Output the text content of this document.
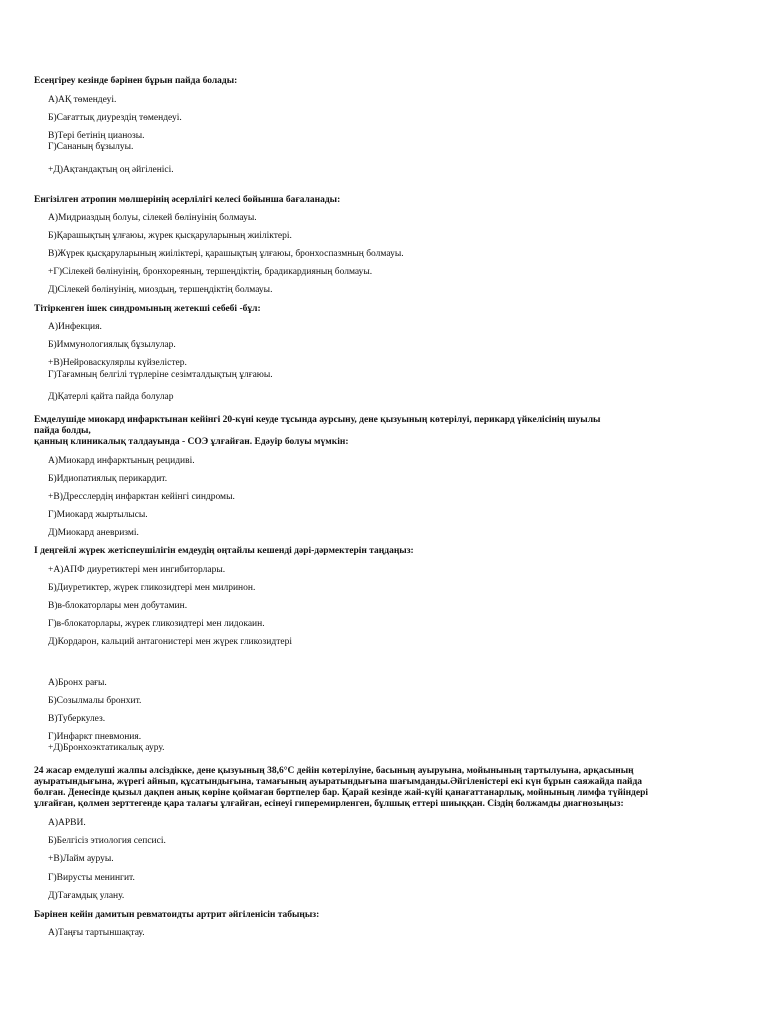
Есеңгіреу кезінде бәрінен бұрын пайда болады:
А)АҚ төмендеуі.
Б)Сағаттық диурездің төмендеуі.
В)Тері бетінің цианозы.
Г)Сананың бұзылуы.
+Д)Ақтандақтың оң әйгіленісі.
Енгізілген атропин мөлшерінің әсерлілігі келесі бойынша бағаланады:
А)Мидриаздың болуы, сілекей бөлінуінің болмауы.
Б)Қарашықтың ұлғаюы, жүрек қысқаруларының жиіліктері.
В)Жүрек қысқаруларының жиіліктері, қарашықтың ұлғаюы, бронхоспазмның болмауы.
+Г)Сілекей бөлінуінің, бронхореяның, тершеңдіктің, брадикардияның болмауы.
Д)Сілекей бөлінуінің, миоздың, тершеңдіктің болмауы.
Тітіркенген ішек синдромының жетекші себебі -бұл:
А)Инфекция.
Б)Иммунологиялық бұзылулар.
+В)Нейроваскулярлы күйзелістер.
Г)Тағамның белгілі түрлеріне сезімталдықтың ұлғаюы.
Д)Қатерлі қайта пайда болулар
Емделушіде миокард инфарктынан кейінгі 20-күні кеуде тұсында аурсыну, дене қызуының көтерілуі, перикард үйкелісінің шуылы
пайда болды,
қанның клиникалық талдауында - СОЭ ұлғайған. Едәуір болуы мүмкін:
А)Миокард инфарктының рецидиві.
Б)Идиопатиялық перикардит.
+В)Дресслердің инфарктан кейінгі синдромы.
Г)Миокард жыртылысы.
Д)Миокард аневризмі.
І деңгейлі жүрек жетіспеушілігін емдеудің оңтайлы кешенді дәрі-дәрмектерін таңдаңыз:
+А)АПФ диуретиктері мен ингибиторлары.
Б)Диуретиктер, жүрек гликозидтері мен милринон.
В)в-блокаторлары мен добутамин.
Г)в-блокаторлары, жүрек гликозидтері мен лидокаин.
Д)Кордарон, кальций антагонистері мен жүрек гликозидтері
А)Бронх рағы.
Б)Созылмалы бронхит.
В)Туберкулез.
Г)Инфаркт пневмония.
+Д)Бронхоэктатикалық ауру.
24 жасар емделуші жалпы әлсіздікке, дене қызуының 38,6°С дейін көтерілуіне, басының ауыруына, мойынының тартылуына, арқасының
ауыратындығына, жүрегі айнып, құсатындығына, тамағының ауыратындығына шағымданды.Әйгіленістері екі күн бұрын саяжайда пайда
болған. Денесінде қызыл дақпен анық көріне қоймаған бөртпелер бар. Қарай кезінде жай-күйі қанағаттанарлық, мойнының лимфа түйіндері
ұлғайған, қолмен зерттегенде қара талағы ұлғайған, есінеуі гиперемирленген, бұлшық еттері шиыққан. Сіздің болжамды диагнозыңыз:
А)АРВИ.
Б)Белгісіз этиология сепсисі.
+В)Лайм ауруы.
Г)Вирусты менингит.
Д)Тағамдық улану.
Бәрінен кейін дамитын ревматоидты артрит әйгіленісін табыңыз:
А)Таңғы тартыншақтау.
